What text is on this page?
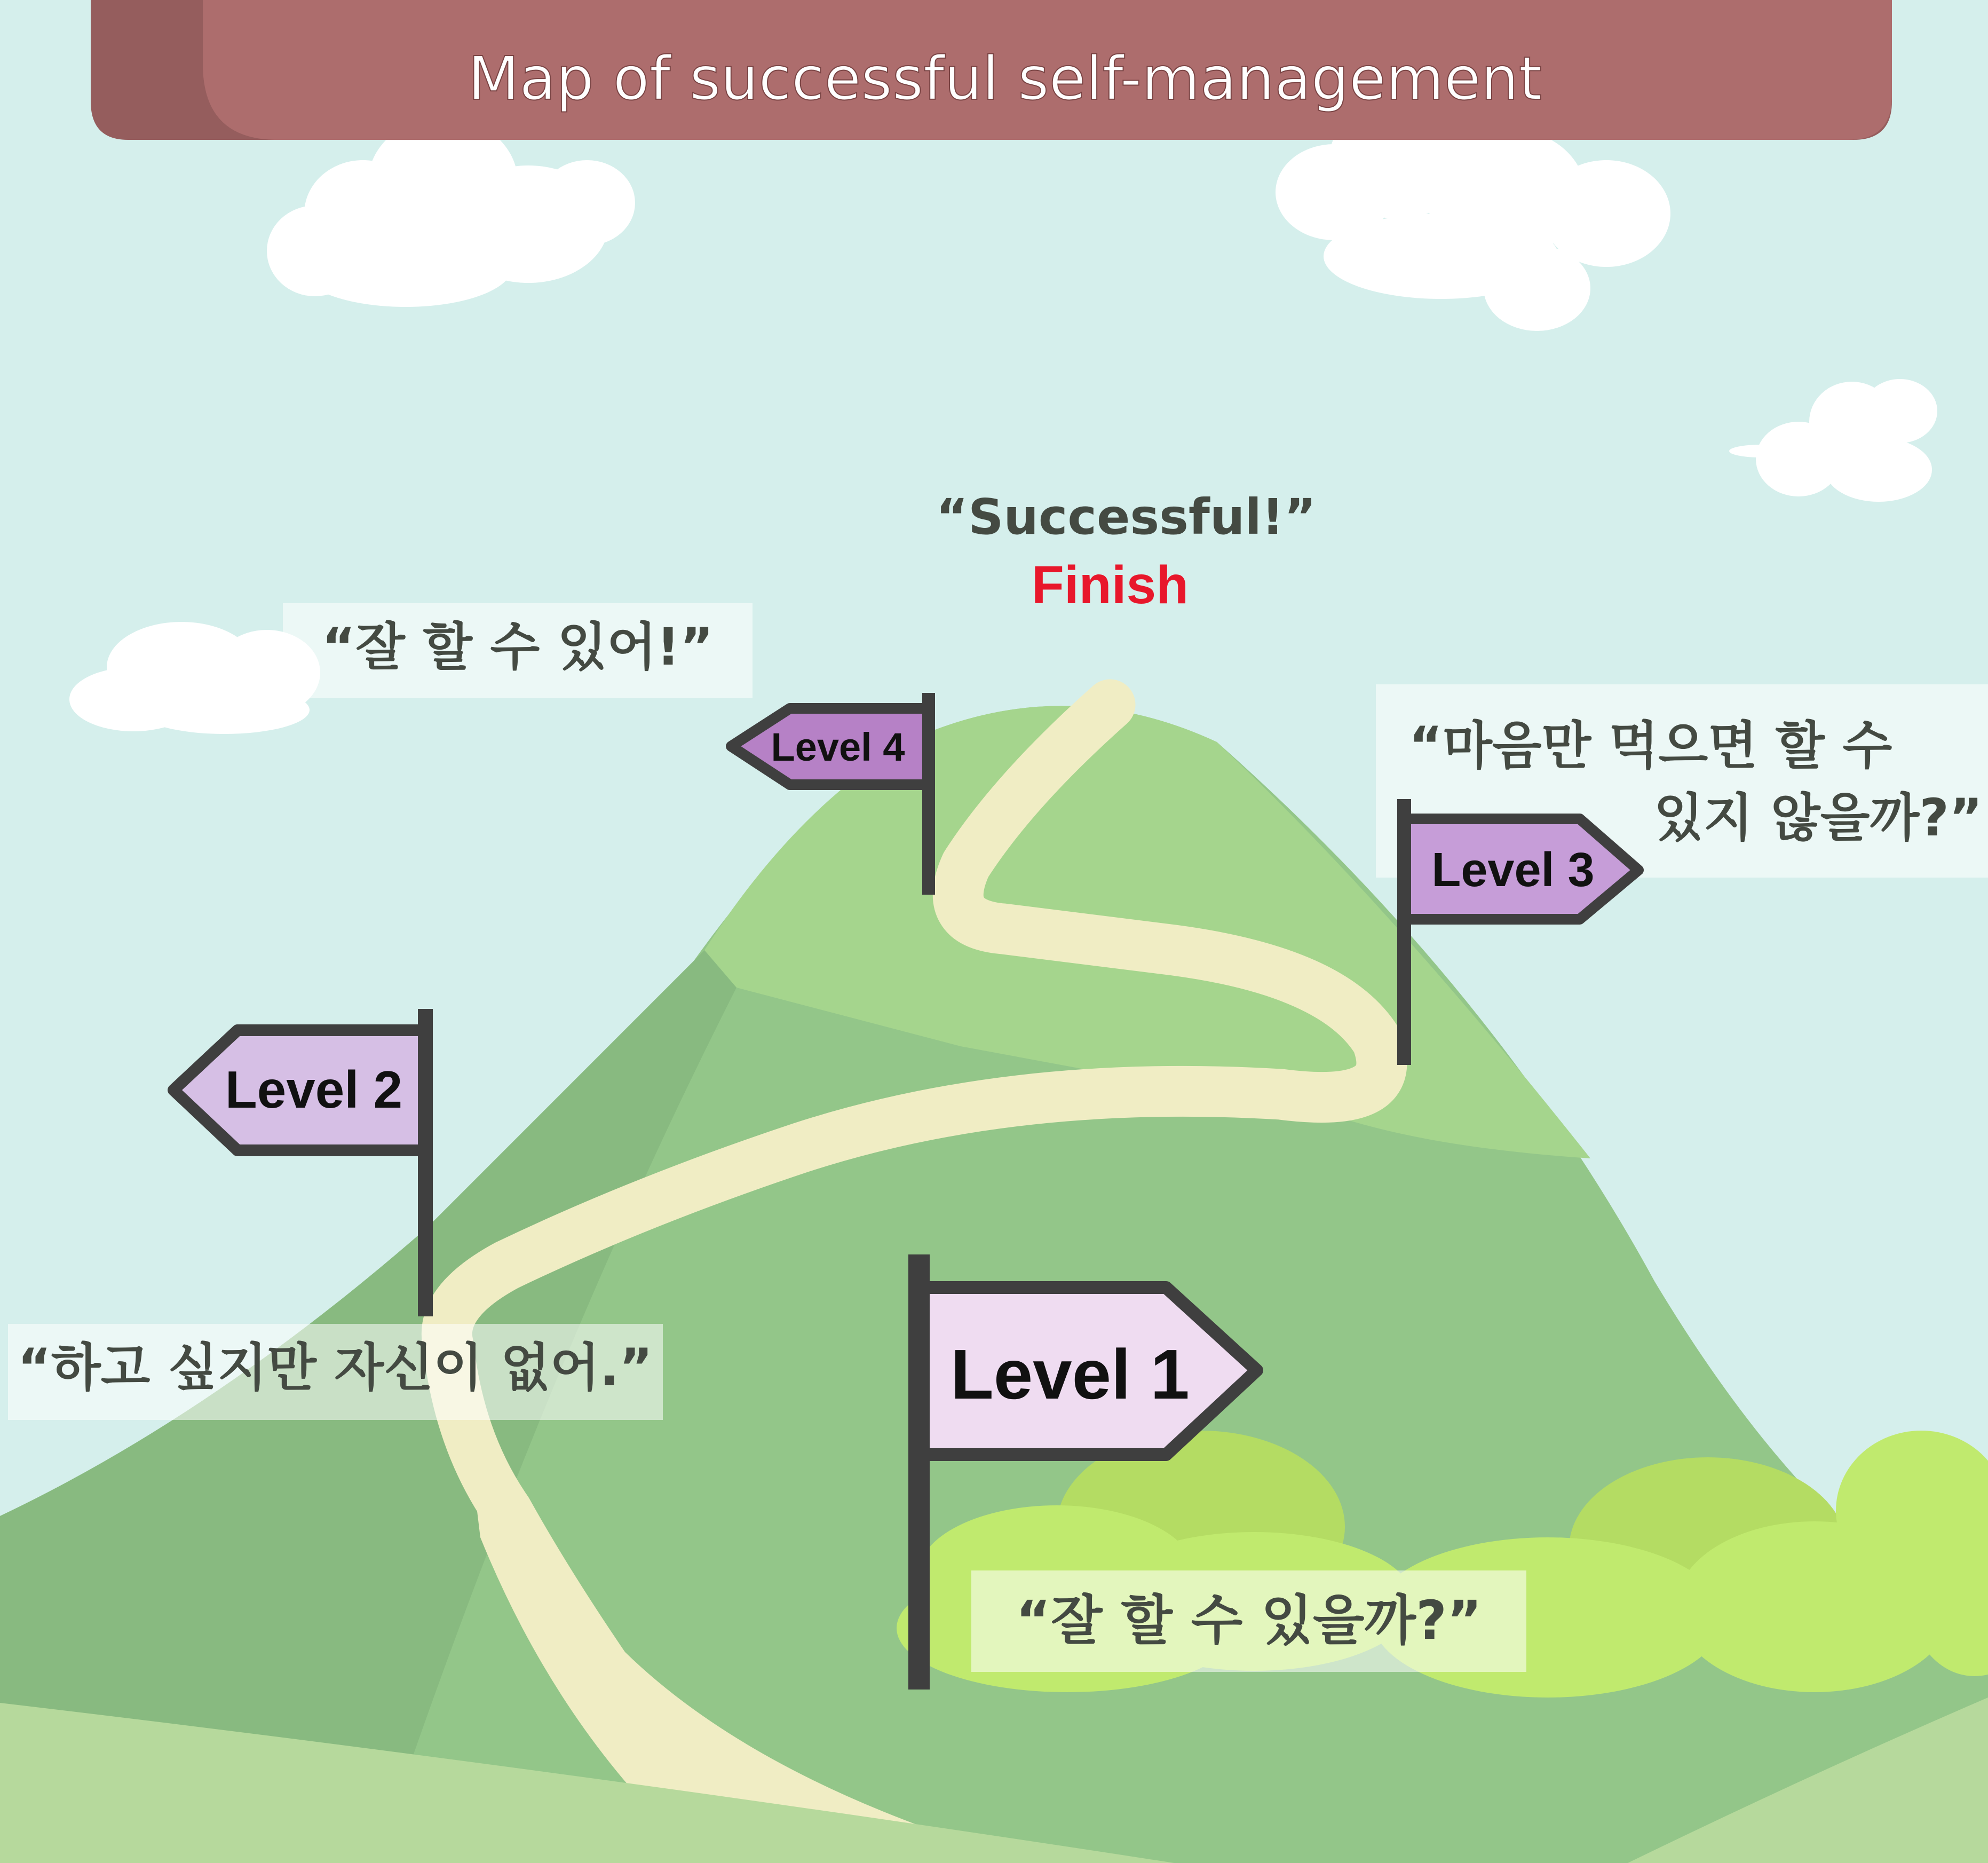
Map of successful self-management
“Successful!”
Finish
“잘 할 수 있어!”
Level 4	“마음만 먹으면 할 수
있지 않을까?”
Level 3
Level 2
“하고 싶지만 자신이 없어.”	Level 1
“잘 할 수 있을까?”
